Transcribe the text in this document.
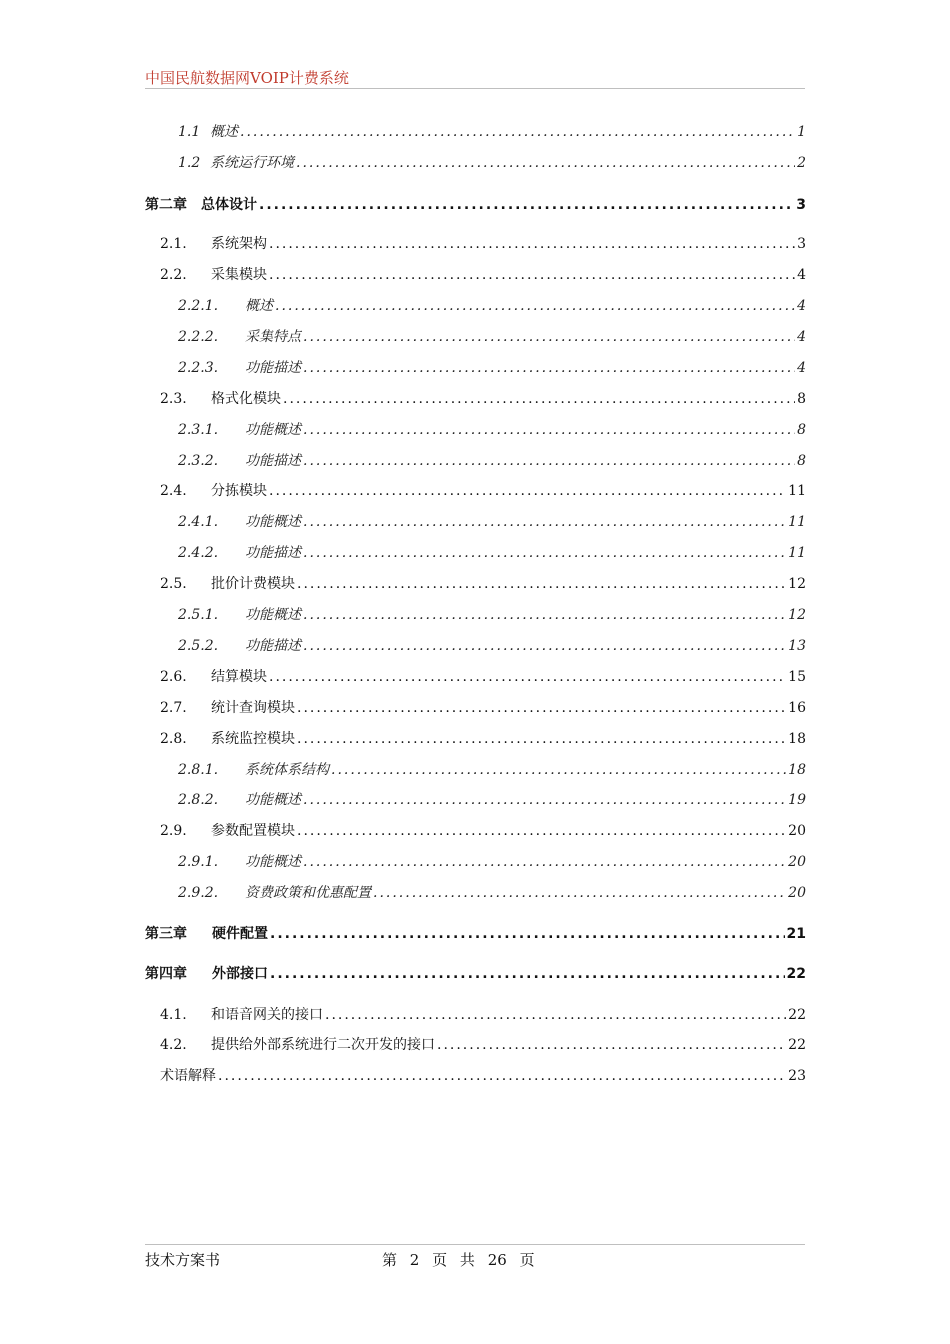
中国民航数据网VOIP计费系统
1.1 概述 .....	1
1.2 系统运行环境 .....	2
第二章	总体设计 .....	3
2.1.	系统架构 .....	3
2.2.	采集模块 .....	4
2.2.1.	概述 .....	4
2.2.2.	采集特点 .....	4
2.2.3.	功能描述 .....	4
2.3.	格式化模块 .....	8
2.3.1.	功能概述 .....	8
2.3.2.	功能描述 .....	8
2.4.	分拣模块 .....	11
2.4.1.	功能概述 .....	11
2.4.2.	功能描述 .....	11
2.5.	批价计费模块 .....	12
2.5.1.	功能概述 .....	12
2.5.2.	功能描述 .....	13
2.6.	结算模块 .....	15
2.7.	统计查询模块 .....	16
2.8.	系统监控模块 .....	18
2.8.1.	系统体系结构 .....	18
2.8.2.	功能概述 .....	19
2.9.	参数配置模块 .....	20
2.9.1.	功能概述 .....	20
2.9.2.	资费政策和优惠配置 .....	20
第三章	硬件配置 .....	21
第四章	外部接口 .....	22
4.1.	和语音网关的接口 .....	22
4.2.	提供给外部系统进行二次开发的接口 .....	22
术语解释 .....	23
技术方案书	第 2 页 共 26 页
